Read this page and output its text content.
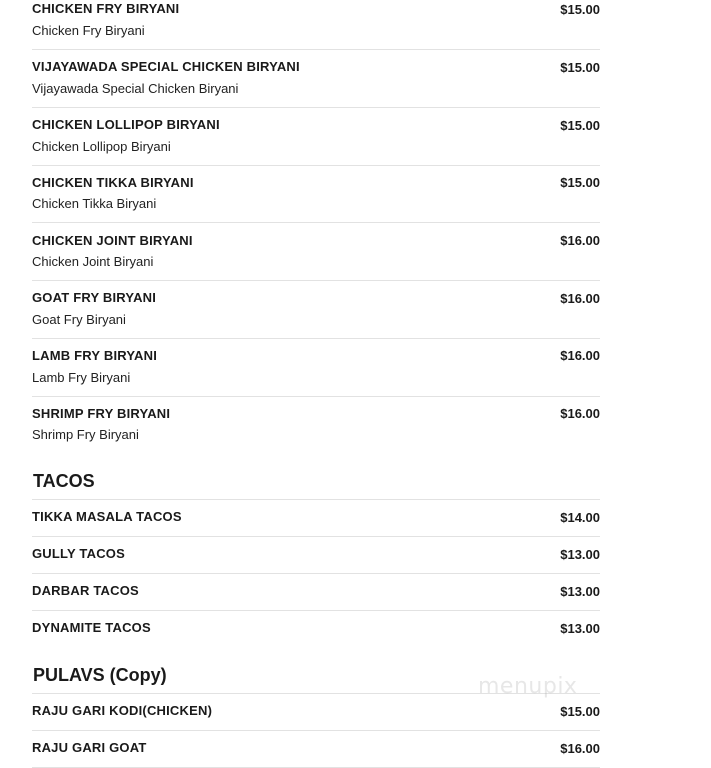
CHICKEN FRY BIRYANI
Chicken Fry Biryani
$15.00
VIJAYAWADA SPECIAL CHICKEN BIRYANI
Vijayawada Special Chicken Biryani
$15.00
CHICKEN LOLLIPOP BIRYANI
Chicken Lollipop Biryani
$15.00
CHICKEN TIKKA BIRYANI
Chicken Tikka Biryani
$15.00
CHICKEN JOINT BIRYANI
Chicken Joint Biryani
$16.00
GOAT FRY BIRYANI
Goat Fry Biryani
$16.00
LAMB FRY BIRYANI
Lamb Fry Biryani
$16.00
SHRIMP FRY BIRYANI
Shrimp Fry Biryani
$16.00
TACOS
TIKKA MASALA TACOS	$14.00
GULLY TACOS	$13.00
DARBAR TACOS	$13.00
DYNAMITE TACOS	$13.00
PULAVS (Copy)
RAJU GARI KODI(CHICKEN)	$15.00
RAJU GARI GOAT	$16.00
menupix
